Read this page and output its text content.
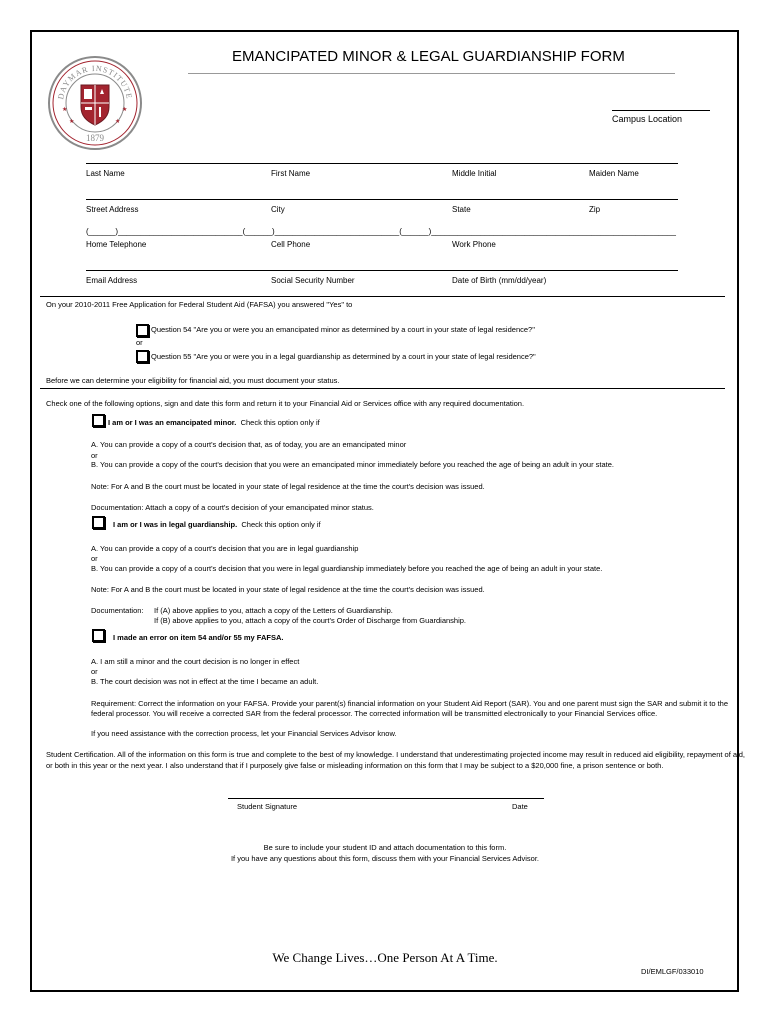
DAYMAR INSTITUTE
★	★
★	★
1879
EMANCIPATED MINOR & LEGAL GUARDIANSHIP FORM
Campus Location
Last Name	First Name	Middle Initial	Maiden Name
Street Address	City	State	Zip
(______)____________________________(______)____________________________(______)_______________________________________________________
Home Telephone	Cell Phone	Work Phone
Email Address	Social Security Number	Date of Birth (mm/dd/year)
On your 2010-2011 Free Application for Federal Student Aid (FAFSA) you answered "Yes" to
Question 54 "Are you or were you an emancipated minor as determined by a court in your state of legal residence?"
or
Question 55 "Are you or were you in a legal guardianship as determined by a court in your state of legal residence?"
Before we can determine your eligibility for financial aid, you must document your status.
Check one of the following options, sign and date this form and return it to your Financial Aid or Services office with any required documentation.
I am or I was an emancipated minor. Check this option only if
A. You can provide a copy of a court's decision that, as of today, you are an emancipated minor
or
B. You can provide a copy of the court's decision that you were an emancipated minor immediately before you reached the age of being an adult in your state.
Note: For A and B the court must be located in your state of legal residence at the time the court's decision was issued.
Documentation: Attach a copy of a court's decision of your emancipated minor status.
I am or I was in legal guardianship. Check this option only if
A. You can provide a copy of a court's decision that you are in legal guardianship
or
B. You can provide a copy of a court's decision that you were in legal guardianship immediately before you reached the age of being an adult in your state.
Note: For A and B the court must be located in your state of legal residence at the time the court's decision was issued.
Documentation: If (A) above applies to you, attach a copy of the Letters of Guardianship.
If (B) above applies to you, attach a copy of the court's Order of Discharge from Guardianship.
I made an error on item 54 and/or 55 my FAFSA.
A. I am still a minor and the court decision is no longer in effect
or
B. The court decision was not in effect at the time I became an adult.
Requirement: Correct the information on your FAFSA. Provide your parent(s) financial information on your Student Aid Report (SAR). You and one parent must sign the SAR and submit it to the
federal processor. You will receive a corrected SAR from the federal processor. The corrected information will be transmitted electronically to your Financial Services office.
If you need assistance with the correction process, let your Financial Services Advisor know.
Student Certification. All of the information on this form is true and complete to the best of my knowledge. I understand that underestimating projected income may result in reduced aid eligibility, repayment of aid,
or both in this year or the next year. I also understand that if I purposely give false or misleading information on this form that I may be subject to a $20,000 fine, a prison sentence or both.
Student Signature	Date
Be sure to include your student ID and attach documentation to this form.
If you have any questions about this form, discuss them with your Financial Services Advisor.
We Change Lives…One Person At A Time.
DI/EMLGF/033010
